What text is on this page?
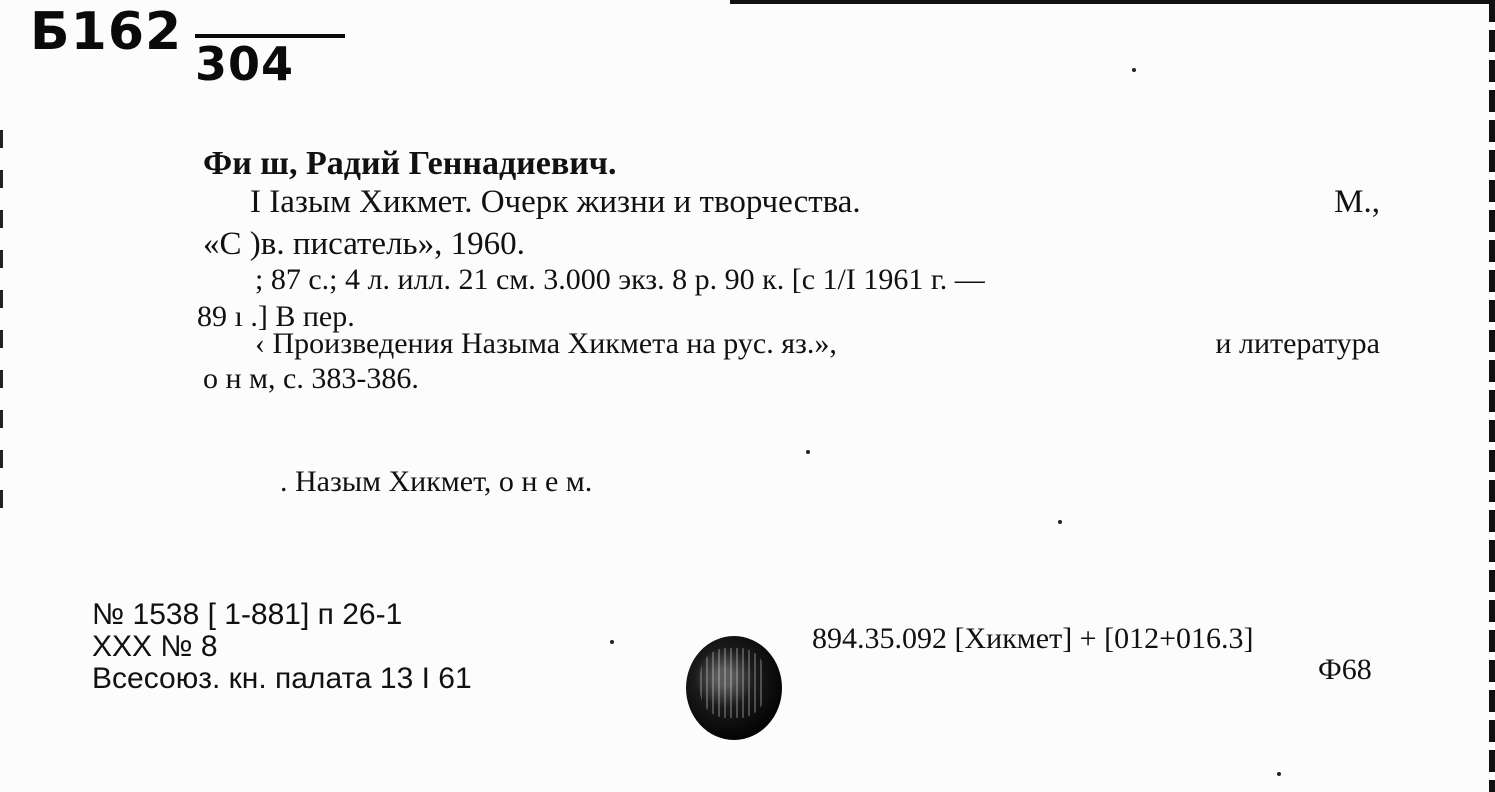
Б162
304
Фи ш, Радий Геннадиевич.
I Iазым Хикмет. Очерк жизни и творчества.	М.,
«С )в. писатель», 1960.
; 87 с.; 4 л. илл. 21 см. 3.000 экз. 8 р. 90 к. [с 1/I 1961 г. —
89 ı .] В пер.
‹ Произведения Назыма Хикмета на рус. яз.»,	и литература
о н м, с. 383-386.
. Назым Хикмет, о н е м.
№ 1538 [ 1-881] п 26-1
XXX № 8
Всесоюз. кн. палата 13 I 61
894.35.092 [Хикмет] + [012+016.3]
Ф68
